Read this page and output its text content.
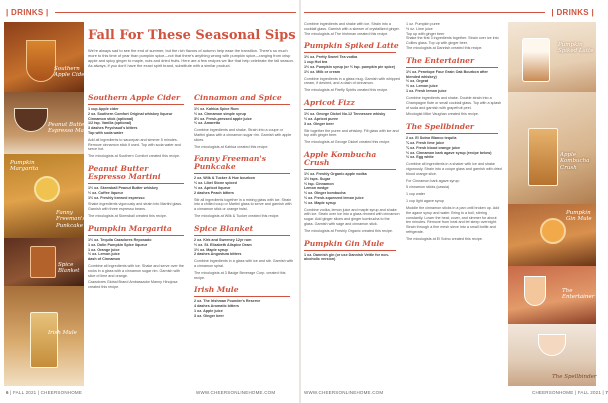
| DRINKS |	| DRINKS |
Southern
Apple Cider
Peanut Butter
Espresso Martini
Pumpkin
Margarita
Fanny
Freeman's
Punkcake
Spice
Blanket
Irish Mule
Fall For These Seasonal Sips
We're always sad to see the end of summer, but the rich flavors of autumn help ease the transition. There's so much more to this time of year than pumpkin spice—not that there's anything wrong with pumpkin spice—ranging from crisp apple and spicy ginger to maple, nuts and dried fruits. Here are a few recipes we like that help celebrate the fall season. As always, if you don't have the exact spirit brand, substitute with a similar product.
Southern Apple Cider
1 cup Apple cider
2 oz. Southern Comfort Original whiskey liqueur
Cinnamon stick (optional)
1/2 tsp. Vanilla (optional)
3 dashes Peychaud's bitters
Top with soda water

Add all ingredients to saucepan and simmer 5 minutes. Remove cinnamon stick if used. Top with soda water and serve hot.

The mixologists at Southern Comfort created this recipe.

Peanut Butter Espresso Martini
1½ oz. Skrewball Peanut Butter whiskey
½ oz. Coffee liqueur
1½ oz. Freshly brewed espresso

Shake ingredients vigorously and strain into Martini glass. Garnish with three espresso beans.

The mixologists at Skrewball created this recipe.

Pumpkin Margarita
1½ oz. Tequila Cazadores Reposado
1 oz. Dolin Pumpkin Spice liqueur
1 oz. Orange juice
½ oz. Lemon juice
dash of Cinnamon

Combine all ingredients with ice. Shake and serve over the rocks in a glass with a cinnamon sugar rim. Garnish with slice of lime and orange.

Cazadores Global Brand Ambassador Manny Hinojosa created this recipe.

Cinnamon and Spice
1½ oz. Kahlúa Spice Rum
½ oz. Cinnamon simple syrup
3½ oz. Fresh-pressed apple juice
½ oz. Amaretto

Combine ingredients and shake. Strain into a coupe or Martini glass with a cinnamon sugar rim. Garnish with apple slices.

The mixologists at Kahlúa created this recipe.

Fanny Freeman's Punkcake
2 oz. Wilk & Tucker & Hue bourbon
½ oz. Libel Stone spiced
½ oz. Apricot liqueur
2 dashes Peach bitters

Stir all ingredients together in a mixing glass with ice. Strain into a chilled coup or Martini glass to serve and garnish with a cinnamon stick or orange twist.

The mixologists at Wilk & Tucker created this recipe.

Spice Blanket
2 oz. Kirk and Sweeney 12yr rum
½ oz. St. Elizabeth Allspice Dram
1½ oz. Maple syrup
2 dashes Angostura bitters

Combine ingredients in a glass with ice and stir. Garnish with a cinnamon spiral.

The mixologists at 3 Badge Beverage Corp. created this recipe.

Irish Mule
2 oz. The Irishman Founder's Reserve
4 dashes Aromatic bitters
1 oz. Apple juice
3 oz. Ginger beer

Combine ingredients and shake with ice. Strain into a cocktail glass. Garnish with a skewer of crystallized ginger.

The mixologists at The Irishman created this recipe.

Pumpkin Spiked Latte
1½ oz. Pretty Sweet Tea vodka
1 cup Hot tea
1½ oz. Pumpkin syrup (or ½ tsp. pumpkin pie spice)
1½ oz. Milk or cream

Combine ingredients in a glass mug. Garnish with whipped cream, if desired, and a dash of cinnamon.

The mixologists at Firefly Spirits created this recipe.

Apricot Fizz
1½ oz. George Dickel No.12 Tennessee whisky
½ oz. Apricot puree
3 oz. Ginger beer

Stir together the puree and whiskey. Fill glass with ice and top with ginger beer.

The mixologists at George Dickel created this recipe.

Apple Kombucha Crush
1½ oz. Freshly Organic apple vodka
1½ tsps. Sugar
½ tsp. Cinnamon
Lemon wedge
½ oz. Ginger kombucha
½ oz. Fresh-squeezed lemon juice
½ oz. Maple syrup

Combine vodka, lemon juice and maple syrup and shake with ice. Strain over ice into a glass rimmed with cinnamon sugar. Add ginger slices and ginger kombucha to the glass. Garnish with sage and cinnamon stick.

The mixologists at Freshly Organic created this recipe.

Pumpkin Gin Mule
1 oz. Dannish gin (or use Dannish Vettle for non-alcoholic version)

1 oz. Pumpkin puree

½ oz. Lime juice

Top up with ginger beer

Shake the first 3 ingredients together. Strain over ice into Collins glass. Top up with ginger beer.

The mixologists at Dannish created this recipe.

The Entertainer
1½ oz. Penelope Four Grain Oak Bourbon after blended whiskey)
½ oz. Orgeat
½ oz. Lemon juice
1 oz. Fresh lemon juice

Combine ingredients and shake. Double strain into a Champagne flute or small cocktail glass. Top with a splash of soda and garnish with grapefruit peel.

Mixologist Mike Vaughan created this recipe.

The Spellbinder
2 oz. El Sotno Blanco tequila
¾ oz. Fresh lime juice
¾ oz. Fresh blood orange juice
½ oz. Cinnamon bark agave syrup (recipe below)
½ oz. Egg white

Combine all ingredients in a shaker with ice and shake vigorously. Strain into a coupe glass and garnish with dried blood orange slice.

For Cinnamon bark agave syrup:

5 cinnamon sticks (cassia)

1 cup water

1 cup light agave syrup

Muddle the cinnamon sticks in a pan until broken up. Add the agave syrup and water. Bring to a boil, stirring constantly. Lower the heat, cover, and simmer for about ten minutes. Remove from heat and let steep overnight. Strain through a fine mesh sieve into a small bottle and refrigerate.

The mixologists at El Sotno created this recipe.

Pumpkin
Spiked Latte
Apple
Kombucha
Crush
Pumpkin
Gin Mule
The
Entertainer
The Spellbinder
6 | FALL 2021 | CHEERSONHOME	WWW.CHEERSONLINEHOME.COM	WWW.CHEERSONLINEHOME.COM	CHEERSONHOME | FALL 2021 | 7
